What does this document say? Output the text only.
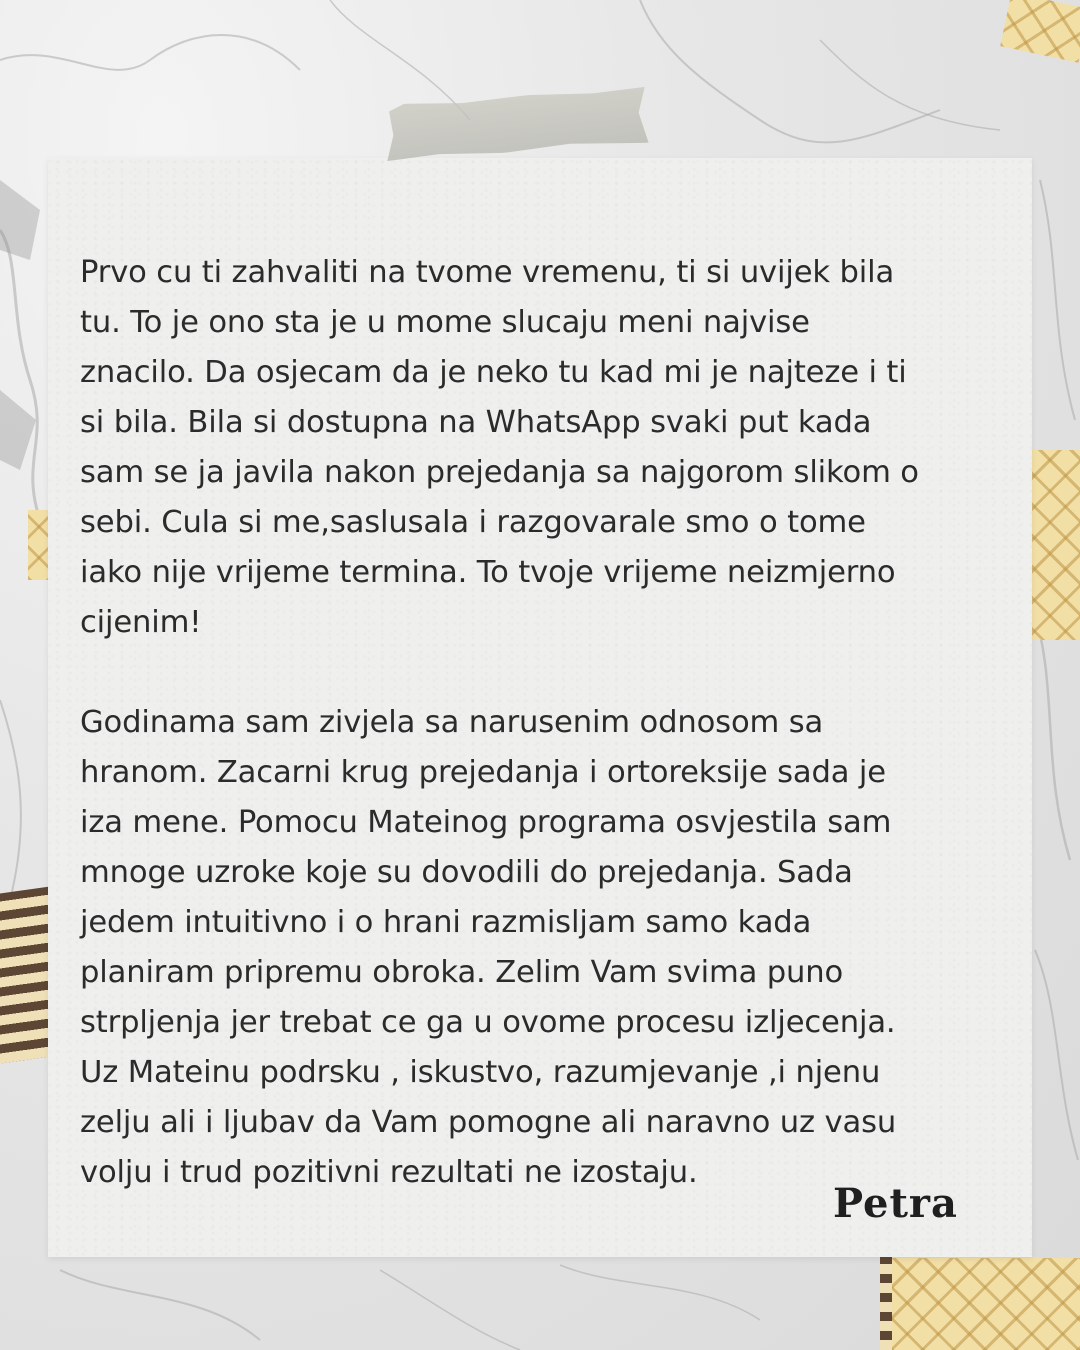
Prvo cu ti zahvaliti na tvome vremenu, ti si uvijek bila
tu. To je ono sta je u mome slucaju meni najvise
znacilo. Da osjecam da je neko tu kad mi je najteze i ti
si bila. Bila si dostupna na WhatsApp svaki put kada
sam se ja javila nakon prejedanja sa najgorom slikom o
sebi. Cula si me,saslusala i razgovarale smo o tome
iako nije vrijeme termina. To tvoje vrijeme neizmjerno
cijenim!
Godinama sam zivjela sa narusenim odnosom sa
hranom. Zacarni krug prejedanja i ortoreksije sada je
iza mene. Pomocu Mateinog programa osvjestila sam
mnoge uzroke koje su dovodili do prejedanja. Sada
jedem intuitivno i o hrani razmisljam samo kada
planiram pripremu obroka. Zelim Vam svima puno
strpljenja jer trebat ce ga u ovome procesu izljecenja.
Uz Mateinu podrsku , iskustvo, razumjevanje ,i njenu
zelju ali i ljubav da Vam pomogne ali naravno uz vasu
volju i trud pozitivni rezultati ne izostaju.
Petra
